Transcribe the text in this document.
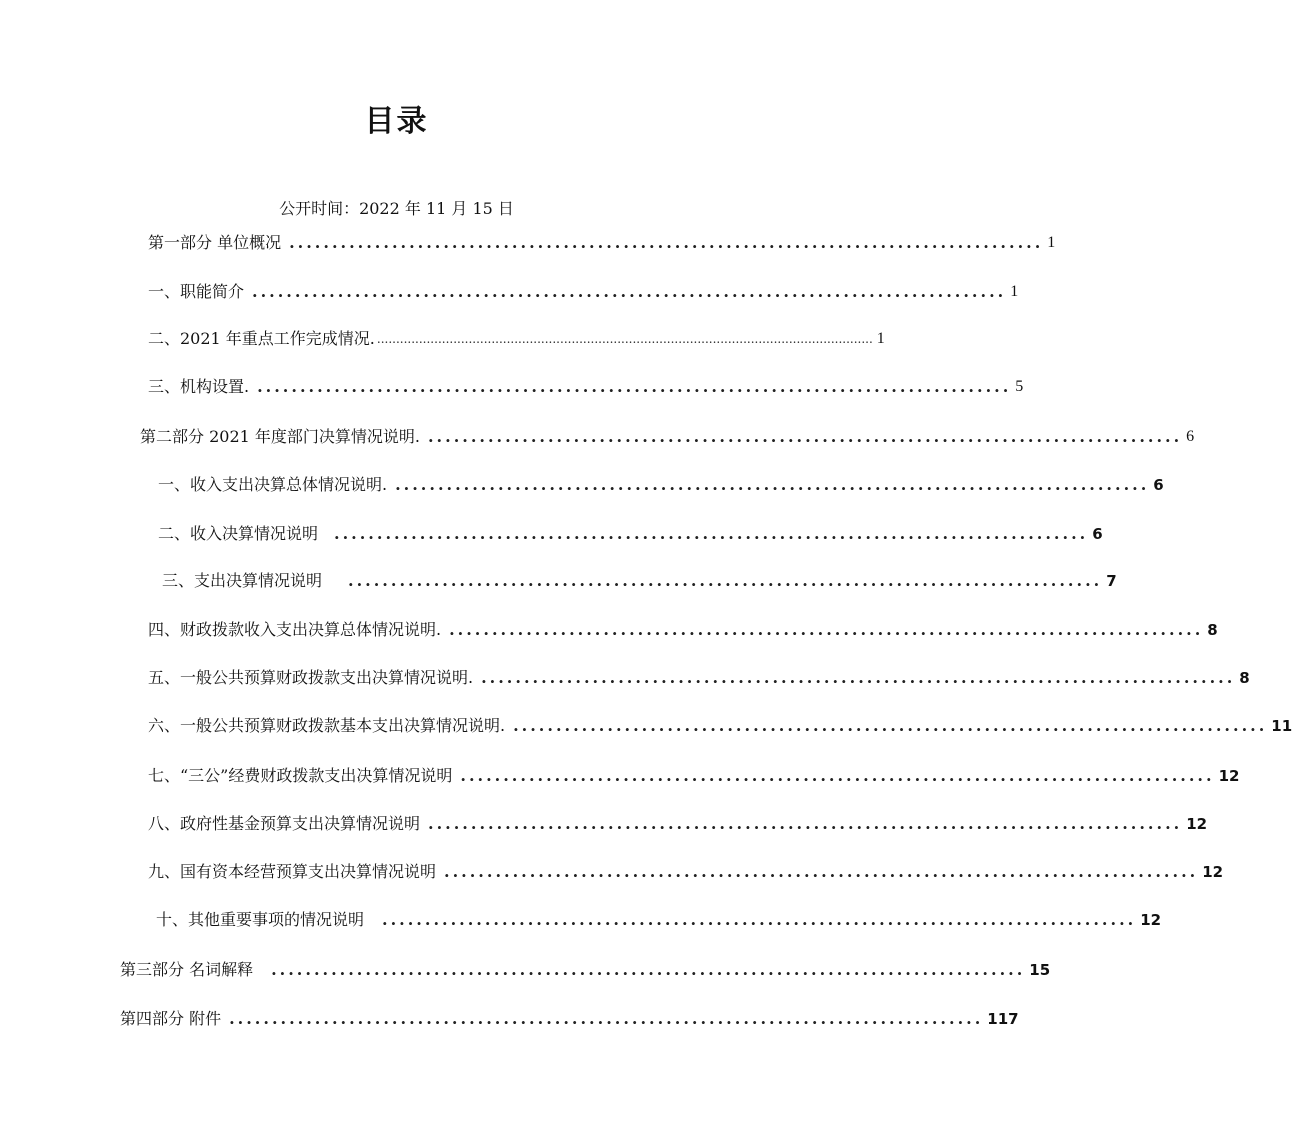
目录
公开时间：2022 年 11 月 15 日
第一部分 单位概况 ........................................................................................ 1
一、职能简介 ........................................................................................ 1
二、2021 年重点工作完成情况. .................................................................................................................................. 1
三、机构设置. ........................................................................................ 5
第二部分 2021 年度部门决算情况说明. ........................................................................................ 6
一、收入支出决算总体情况说明. ........................................................................................ 6
二、收入决算情况说明 ........................................................................................ 6
三、支出决算情况说明 ........................................................................................ 7
四、财政拨款收入支出决算总体情况说明. ........................................................................................ 8
五、一般公共预算财政拨款支出决算情况说明. ........................................................................................ 8
六、一般公共预算财政拨款基本支出决算情况说明. ........................................................................................ 11
七、“三公”经费财政拨款支出决算情况说明 ........................................................................................ 12
八、政府性基金预算支出决算情况说明 ........................................................................................ 12
九、国有资本经营预算支出决算情况说明 ........................................................................................ 12
十、其他重要事项的情况说明 ........................................................................................ 12
第三部分 名词解释 ........................................................................................ 15
第四部分 附件 ........................................................................................ 117
